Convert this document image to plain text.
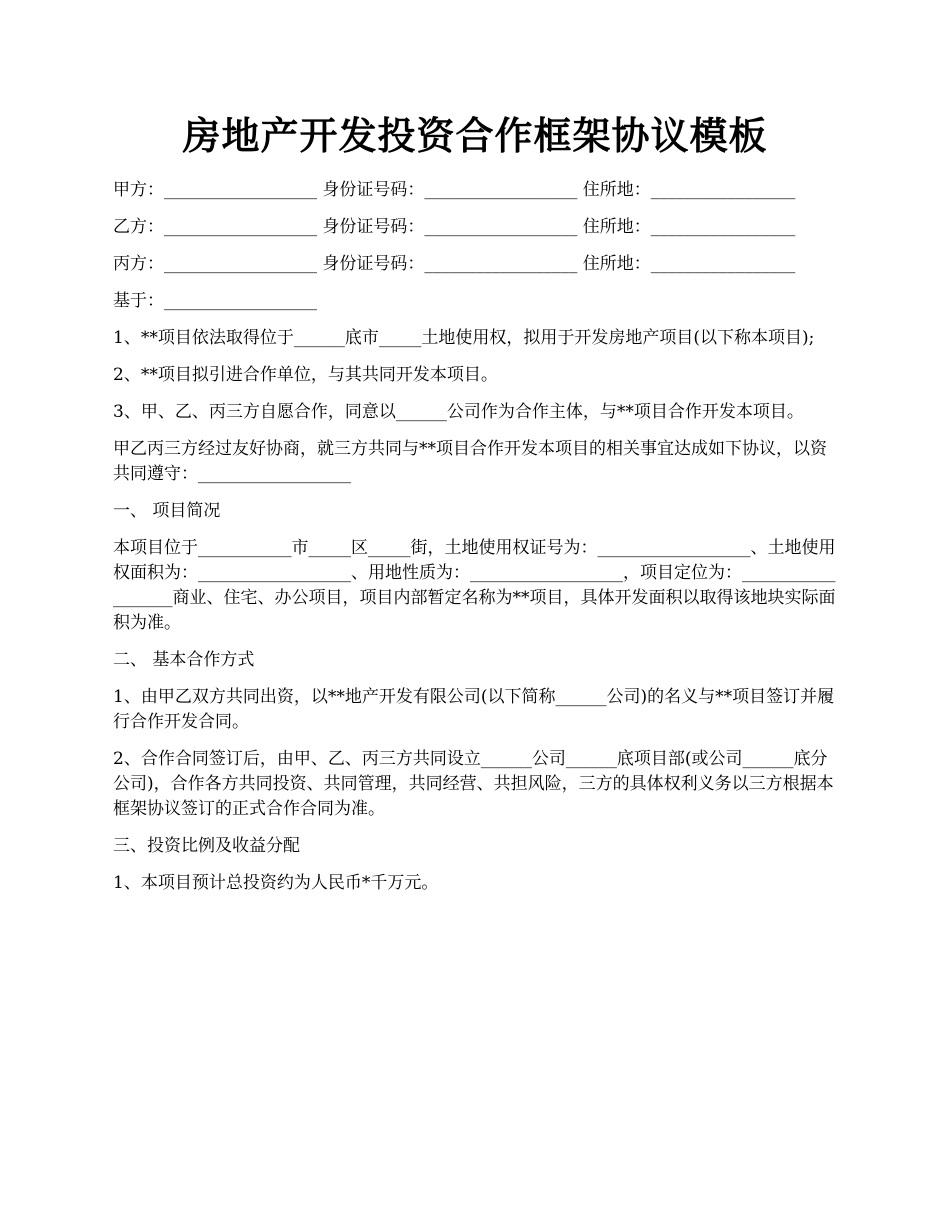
房地产开发投资合作框架协议模板

甲方：__________________ 身份证号码：__________________ 住所地：_________________

乙方：__________________ 身份证号码：__________________ 住所地：_________________

丙方：__________________ 身份证号码：__________________ 住所地：_________________

基于：__________________

1、**项目依法取得位于______底市_____土地使用权，拟用于开发房地产项目(以下称本项目);

2、**项目拟引进合作单位，与其共同开发本项目。

3、甲、乙、丙三方自愿合作，同意以______公司作为合作主体，与**项目合作开发本项目。

甲乙丙三方经过友好协商，就三方共同与**项目合作开发本项目的相关事宜达成如下协议，以资共同遵守：__________________

一、 项目简况

本项目位于___________市_____区_____街，土地使用权证号为：__________________、土地使用权面积为：__________________、用地性质为：__________________，项目定位为：__________________商业、住宅、办公项目，项目内部暂定名称为**项目，具体开发面积以取得该地块实际面积为准。

二、 基本合作方式

1、由甲乙双方共同出资，以**地产开发有限公司(以下简称______公司)的名义与**项目签订并履行合作开发合同。

2、合作合同签订后，由甲、乙、丙三方共同设立______公司______底项目部(或公司______底分公司)，合作各方共同投资、共同管理，共同经营、共担风险，三方的具体权利义务以三方根据本框架协议签订的正式合作合同为准。

三、投资比例及收益分配

1、本项目预计总投资约为人民币*千万元。
